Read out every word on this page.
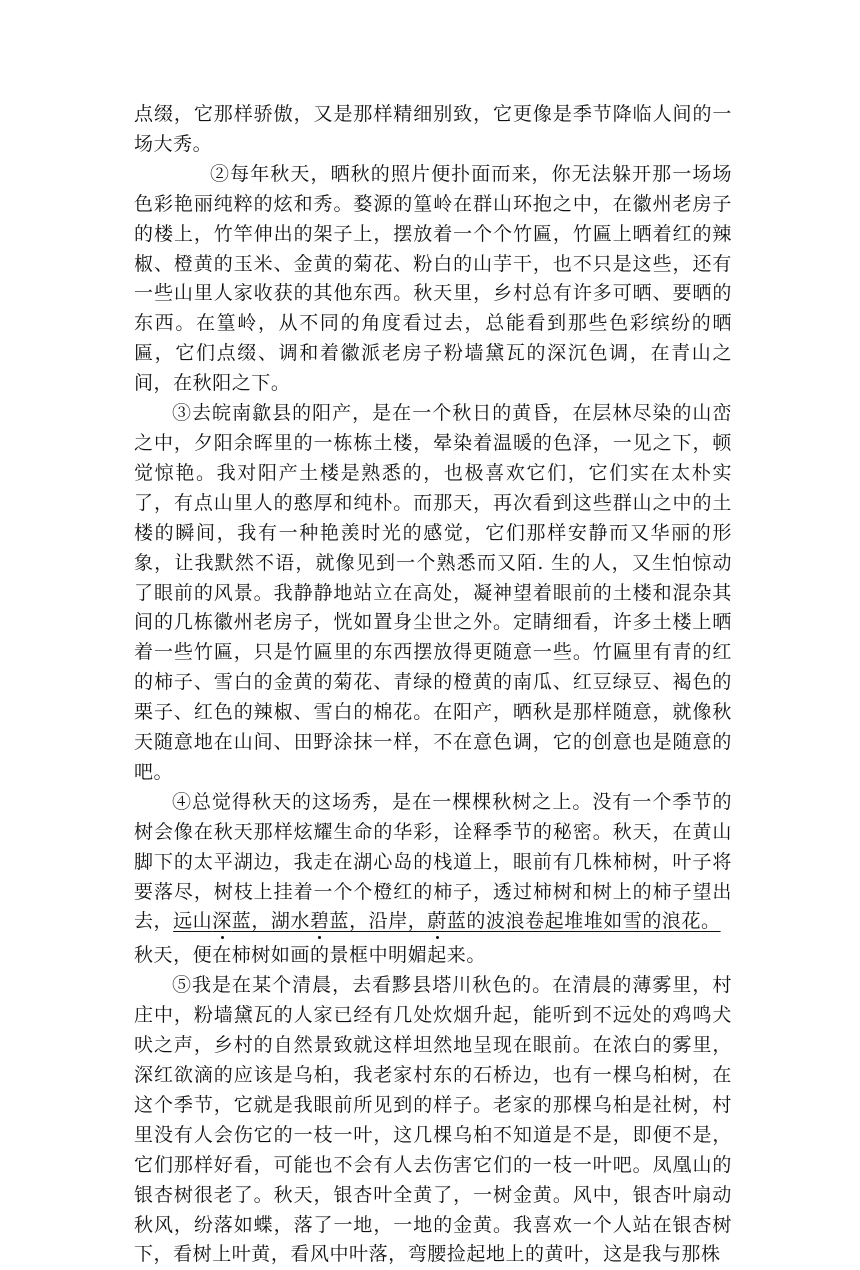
点缀，它那样骄傲，又是那样精细别致，它更像是季节降临人间的一场大秀。

②每年秋天，晒秋的照片便扑面而来，你无法躲开那一场场色彩艳丽纯粹的炫和秀。婺源的篁岭在群山环抱之中，在徽州老房子的楼上，竹竿伸出的架子上，摆放着一个个竹匾，竹匾上晒着红的辣椒、橙黄的玉米、金黄的菊花、粉白的山芋干，也不只是这些，还有一些山里人家收获的其他东西。秋天里，乡村总有许多可晒、要晒的东西。在篁岭，从不同的角度看过去，总能看到那些色彩缤纷的晒匾，它们点缀、调和着徽派老房子粉墙黛瓦的深沉色调，在青山之间，在秋阳之下。

③去皖南歙县的阳产，是在一个秋日的黄昏，在层林尽染的山峦之中，夕阳余晖里的一栋栋土楼，晕染着温暖的色泽，一见之下，顿觉惊艳。我对阳产土楼是熟悉的，也极喜欢它们，它们实在太朴实了，有点山里人的憨厚和纯朴。而那天，再次看到这些群山之中的土楼的瞬间，我有一种艳羡时光的感觉，它们那样安静而又华丽的形象，让我默然不语，就像见到一个熟悉而又陌. 生的人，又生怕惊动了眼前的风景。我静静地站立在高处，凝神望着眼前的土楼和混杂其间的几栋徽州老房子，恍如置身尘世之外。定睛细看，许多土楼上晒着一些竹匾，只是竹匾里的东西摆放得更随意一些。竹匾里有青的红的柿子、雪白的金黄的菊花、青绿的橙黄的南瓜、红豆绿豆、褐色的栗子、红色的辣椒、雪白的棉花。在阳产，晒秋是那样随意，就像秋天随意地在山间、田野涂抹一样，不在意色调，它的创意也是随意的吧。

④总觉得秋天的这场秀，是在一棵棵秋树之上。没有一个季节的树会像在秋天那样炫耀生命的华彩，诠释季节的秘密。秋天，在黄山脚下的太平湖边，我走在湖心岛的栈道上，眼前有几株柿树，叶子将要落尽，树枝上挂着一个个橙红的柿子，透过柿树和树上的柿子望出去，远山深蓝，湖水碧蓝，沿岸，蔚蓝的波浪卷起堆堆如雪的浪花。
秋天，便在柿树如画的景框中明媚起来。

⑤我是在某个清晨，去看黟县塔川秋色的。在清晨的薄雾里，村庄中，粉墙黛瓦的人家已经有几处炊烟升起，能听到不远处的鸡鸣犬吠之声，乡村的自然景致就这样坦然地呈现在眼前。在浓白的雾里，深红欲滴的应该是乌桕，我老家村东的石桥边，也有一棵乌桕树，在这个季节，它就是我眼前所见到的样子。老家的那棵乌桕是社树，村里没有人会伤它的一枝一叶，这几棵乌桕不知道是不是，即便不是，它们那样好看，可能也不会有人去伤害它们的一枝一叶吧。凤凰山的银杏树很老了。秋天，银杏叶全黄了，一树金黄。风中，银杏叶扇动秋风，纷落如蝶，落了一地，一地的金黄。我喜欢一个人站在银杏树下，看树上叶黄，看风中叶落，弯腰捡起地上的黄叶，这是我与那株
